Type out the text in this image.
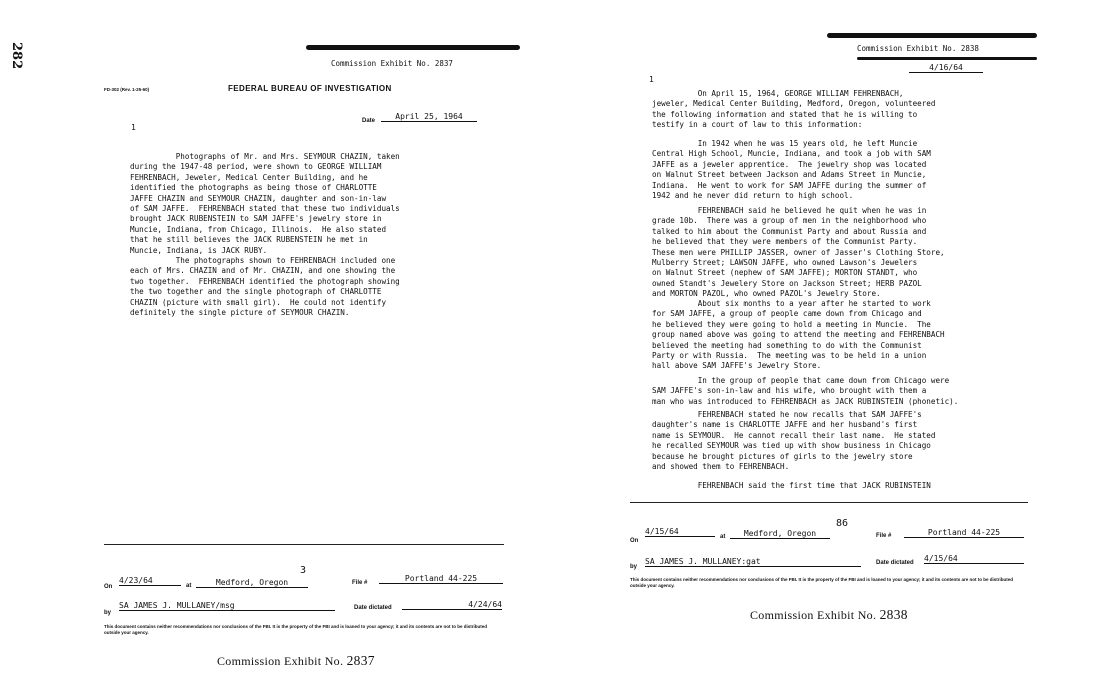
282	Commission Exhibit No. 2837
FD-302 (Rev. 1-25-60)	FEDERAL BUREAU OF INVESTIGATION
Date	April 25, 1964
1
Photographs of Mr. and Mrs. SEYMOUR CHAZIN, taken
during the 1947-48 period, were shown to GEORGE WILLIAM
FEHRENBACH, Jeweler, Medical Center Building, and he
identified the photographs as being those of CHARLOTTE
JAFFE CHAZIN and SEYMOUR CHAZIN, daughter and son-in-law
of SAM JAFFE.  FEHRENBACH stated that these two individuals
brought JACK RUBENSTEIN to SAM JAFFE's jewelry store in
Muncie, Indiana, from Chicago, Illinois.  He also stated
that he still believes the JACK RUBENSTEIN he met in
Muncie, Indiana, is JACK RUBY.
The photographs shown to FEHRENBACH included one
each of Mrs. CHAZIN and of Mr. CHAZIN, and one showing the
two together.  FEHRENBACH identified the photograph showing
the two together and the single photograph of CHARLOTTE
CHAZIN (picture with small girl).  He could not identify
definitely the single picture of SEYMOUR CHAZIN.
On
4/23/64
at	Medford, Oregon
3
File #	Portland 44-225
by
SA JAMES J. MULLANEY/msg	Date dictated	4/24/64
This document contains neither recommendations nor conclusions of the FBI. It is the property of the FBI and is loaned to your agency; it and its contents are not to be distributed outside your agency.
Commission Exhibit No. 2837
Commission Exhibit No. 2838
4/16/64
1
On April 15, 1964, GEORGE WILLIAM FEHRENBACH,
jeweler, Medical Center Building, Medford, Oregon, volunteered
the following information and stated that he is willing to
testify in a court of law to this information:
In 1942 when he was 15 years old, he left Muncie
Central High School, Muncie, Indiana, and took a job with SAM
JAFFE as a jeweler apprentice.  The jewelry shop was located
on Walnut Street between Jackson and Adams Street in Muncie,
Indiana.  He went to work for SAM JAFFE during the summer of
1942 and he never did return to high school.
FEHRENBACH said he believed he quit when he was in
grade 10b.  There was a group of men in the neighborhood who
talked to him about the Communist Party and about Russia and
he believed that they were members of the Communist Party.
These men were PHILLIP JASSER, owner of Jasser's Clothing Store,
Mulberry Street; LAWSON JAFFE, who owned Lawson's Jewelers
on Walnut Street (nephew of SAM JAFFE); MORTON STANDT, who
owned Standt's Jewelery Store on Jackson Street; HERB PAZOL
and MORTON PAZOL, who owned PAZOL's Jewelry Store.
About six months to a year after he started to work
for SAM JAFFE, a group of people came down from Chicago and
he believed they were going to hold a meeting in Muncie.  The
group named above was going to attend the meeting and FEHRENBACH
believed the meeting had something to do with the Communist
Party or with Russia.  The meeting was to be held in a union
hall above SAM JAFFE's Jewelry Store.
In the group of people that came down from Chicago were
SAM JAFFE's son-in-law and his wife, who brought with them a
man who was introduced to FEHRENBACH as JACK RUBINSTEIN (phonetic).
FEHRENBACH stated he now recalls that SAM JAFFE's
daughter's name is CHARLOTTE JAFFE and her husband's first
name is SEYMOUR.  He cannot recall their last name.  He stated
he recalled SEYMOUR was tied up with show business in Chicago
because he brought pictures of girls to the jewelry store
and showed them to FEHRENBACH.
FEHRENBACH said the first time that JACK RUBINSTEIN
On
4/15/64
at	Medford, Oregon
86
File #	Portland 44-225
by
SA JAMES J. MULLANEY:gat	Date dictated 4/15/64
This document contains neither recommendations nor conclusions of the FBI. It is the property of the FBI and is loaned to your agency; it and its contents are not to be distributed outside your agency.
Commission Exhibit No. 2838
